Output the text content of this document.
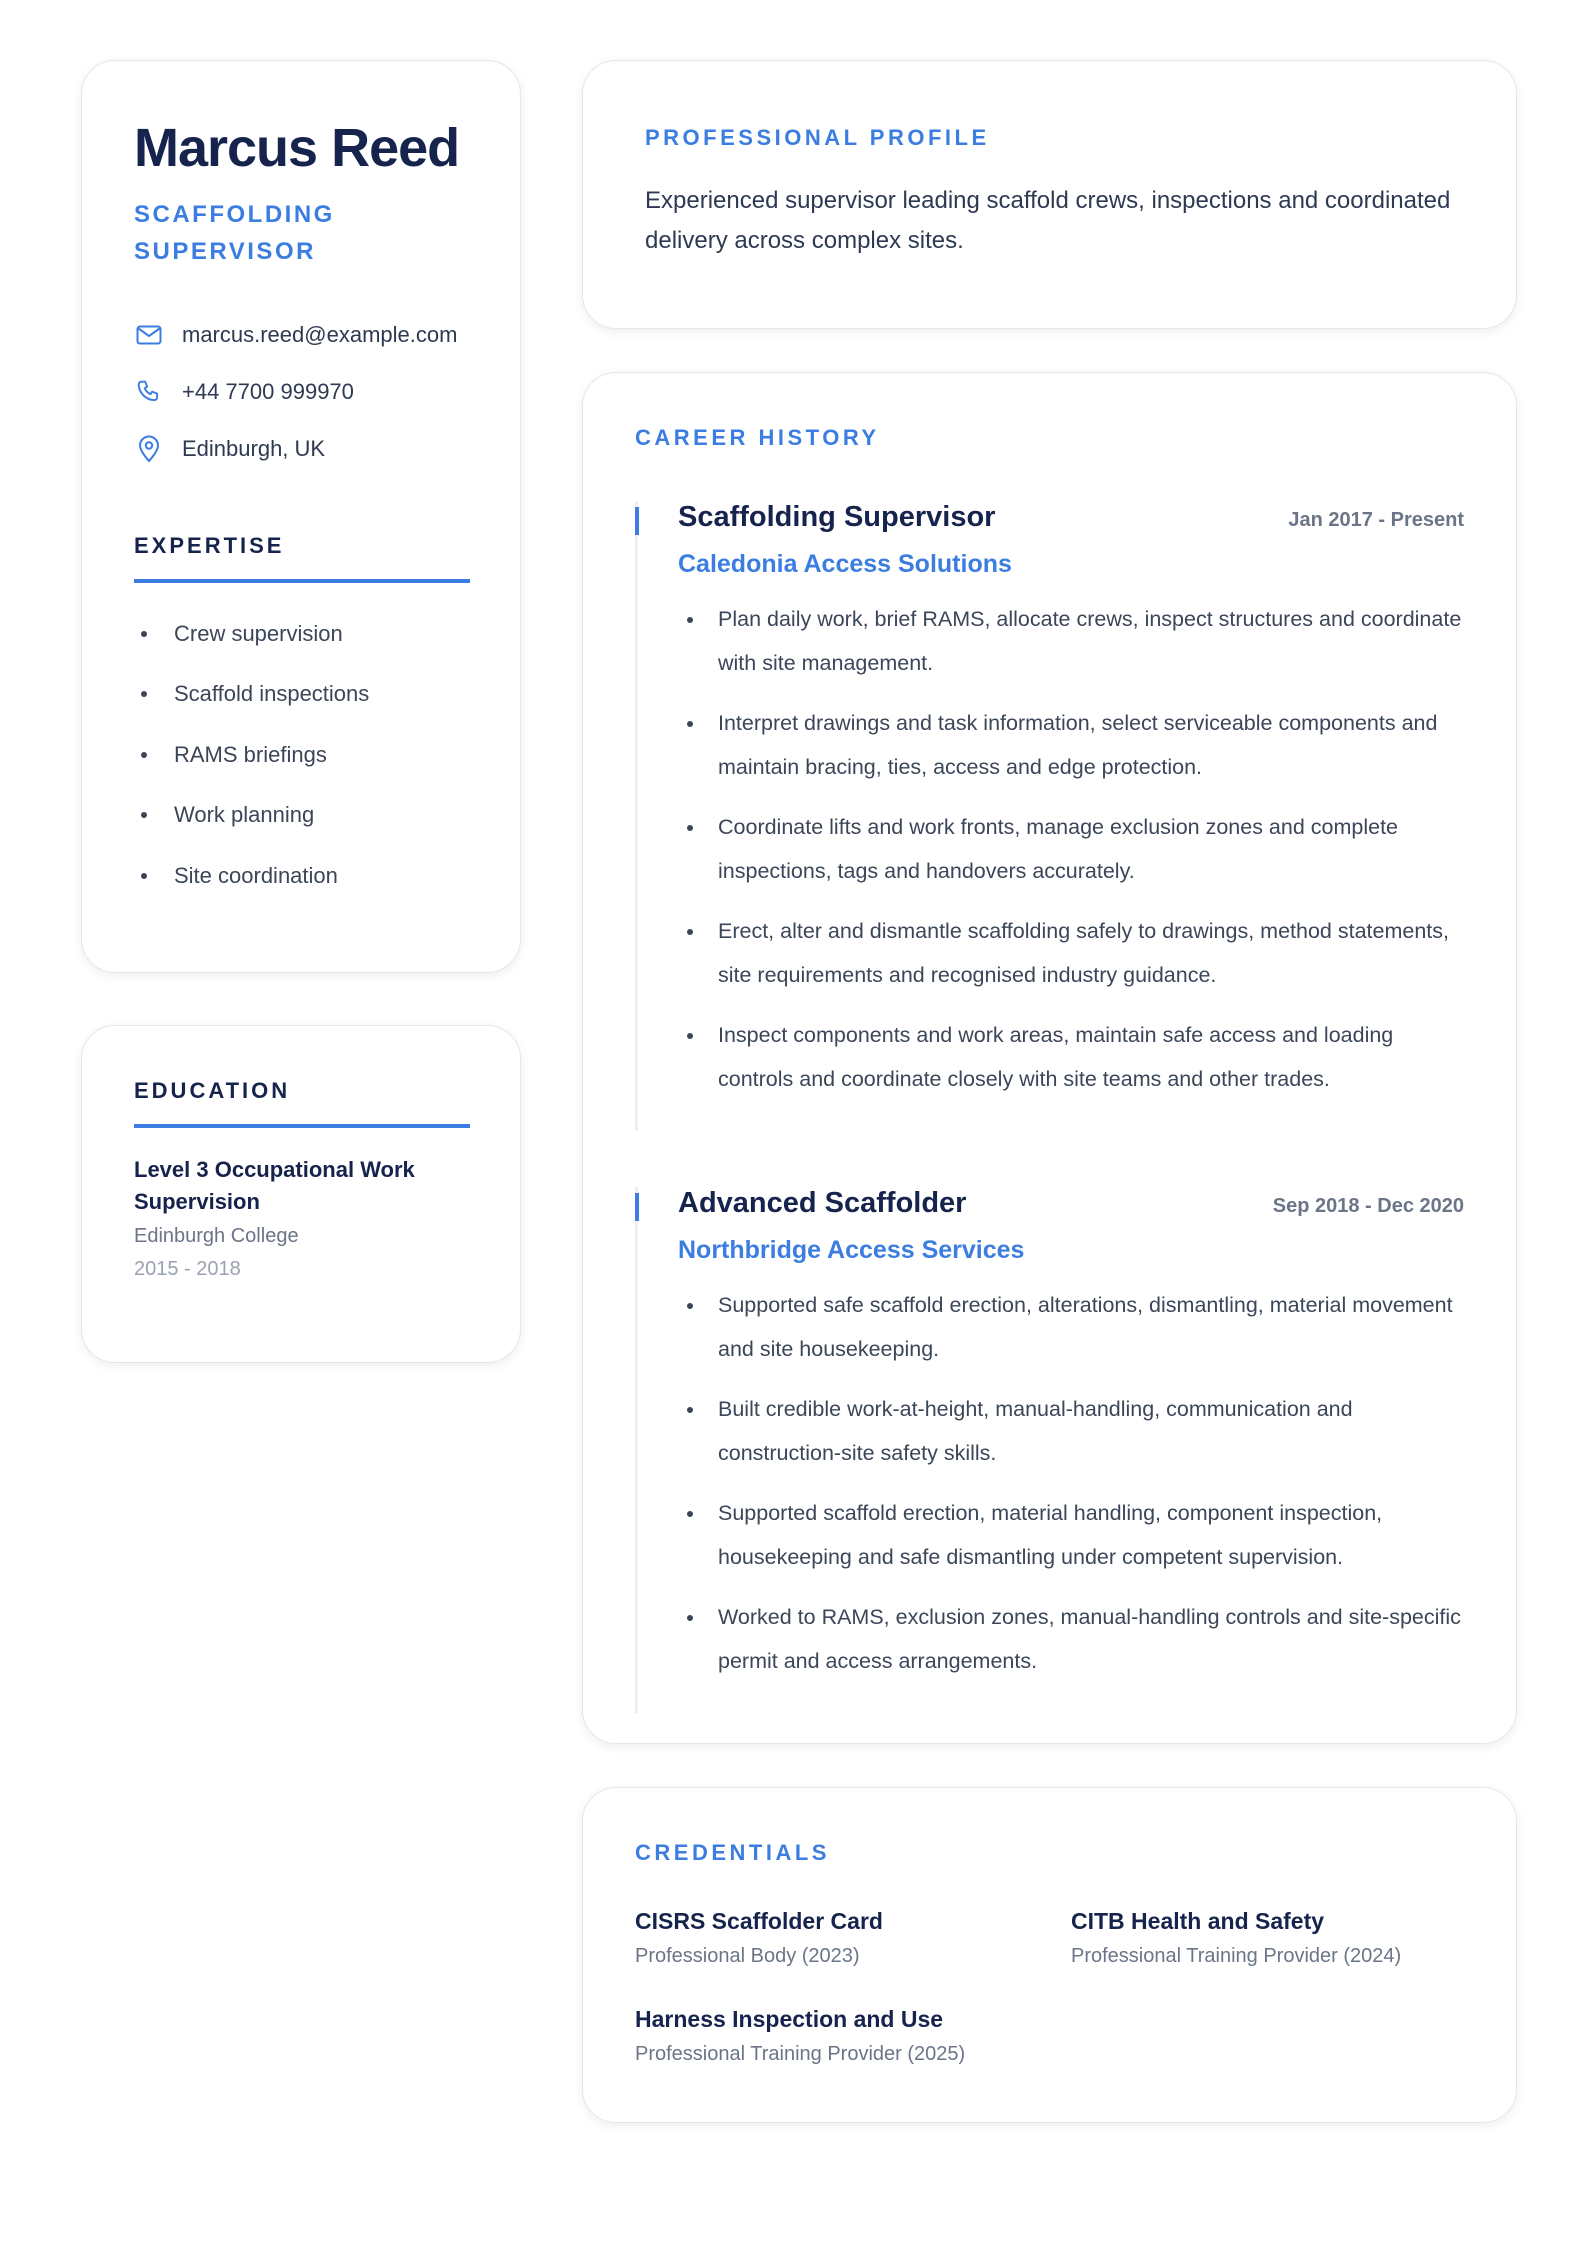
Marcus Reed
SCAFFOLDING SUPERVISOR
marcus.reed@example.com
+44 7700 999970
Edinburgh, UK
EXPERTISE
Crew supervision
Scaffold inspections
RAMS briefings
Work planning
Site coordination
EDUCATION
Level 3 Occupational Work Supervision
Edinburgh College
2015 - 2018
PROFESSIONAL PROFILE
Experienced supervisor leading scaffold crews, inspections and coordinated delivery across complex sites.
CAREER HISTORY
Scaffolding Supervisor	Jan 2017 - Present
Caledonia Access Solutions
Plan daily work, brief RAMS, allocate crews, inspect structures and coordinate with site management.
Interpret drawings and task information, select serviceable components and maintain bracing, ties, access and edge protection.
Coordinate lifts and work fronts, manage exclusion zones and complete inspections, tags and handovers accurately.
Erect, alter and dismantle scaffolding safely to drawings, method statements, site requirements and recognised industry guidance.
Inspect components and work areas, maintain safe access and loading controls and coordinate closely with site teams and other trades.
Advanced Scaffolder	Sep 2018 - Dec 2020
Northbridge Access Services
Supported safe scaffold erection, alterations, dismantling, material movement and site housekeeping.
Built credible work-at-height, manual-handling, communication and construction-site safety skills.
Supported scaffold erection, material handling, component inspection, housekeeping and safe dismantling under competent supervision.
Worked to RAMS, exclusion zones, manual-handling controls and site-specific permit and access arrangements.
CREDENTIALS
CISRS Scaffolder Card
Professional Body (2023)
CITB Health and Safety
Professional Training Provider (2024)
Harness Inspection and Use
Professional Training Provider (2025)
